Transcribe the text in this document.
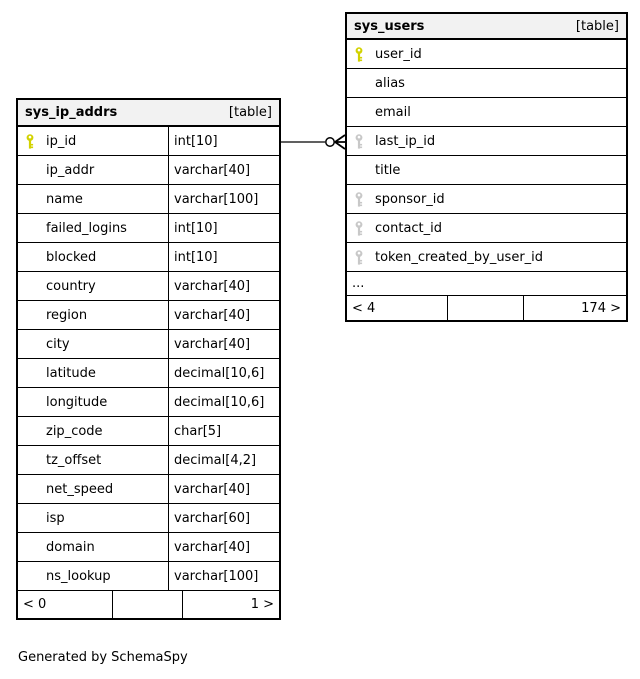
sys_ip_addrs	[table]
ip_id	int[10]
ip_addr	varchar[40]
name	varchar[100]
failed_logins	int[10]
blocked	int[10]
country	varchar[40]
region	varchar[40]
city	varchar[40]
latitude	decimal[10,6]
longitude	decimal[10,6]
zip_code	char[5]
tz_offset	decimal[4,2]
net_speed	varchar[40]
isp	varchar[60]
domain	varchar[40]
ns_lookup	varchar[100]
< 0	1 >
sys_users	[table]
user_id
alias
email
last_ip_id
title
sponsor_id
contact_id
token_created_by_user_id
...
< 4	174 >
Generated by SchemaSpy
